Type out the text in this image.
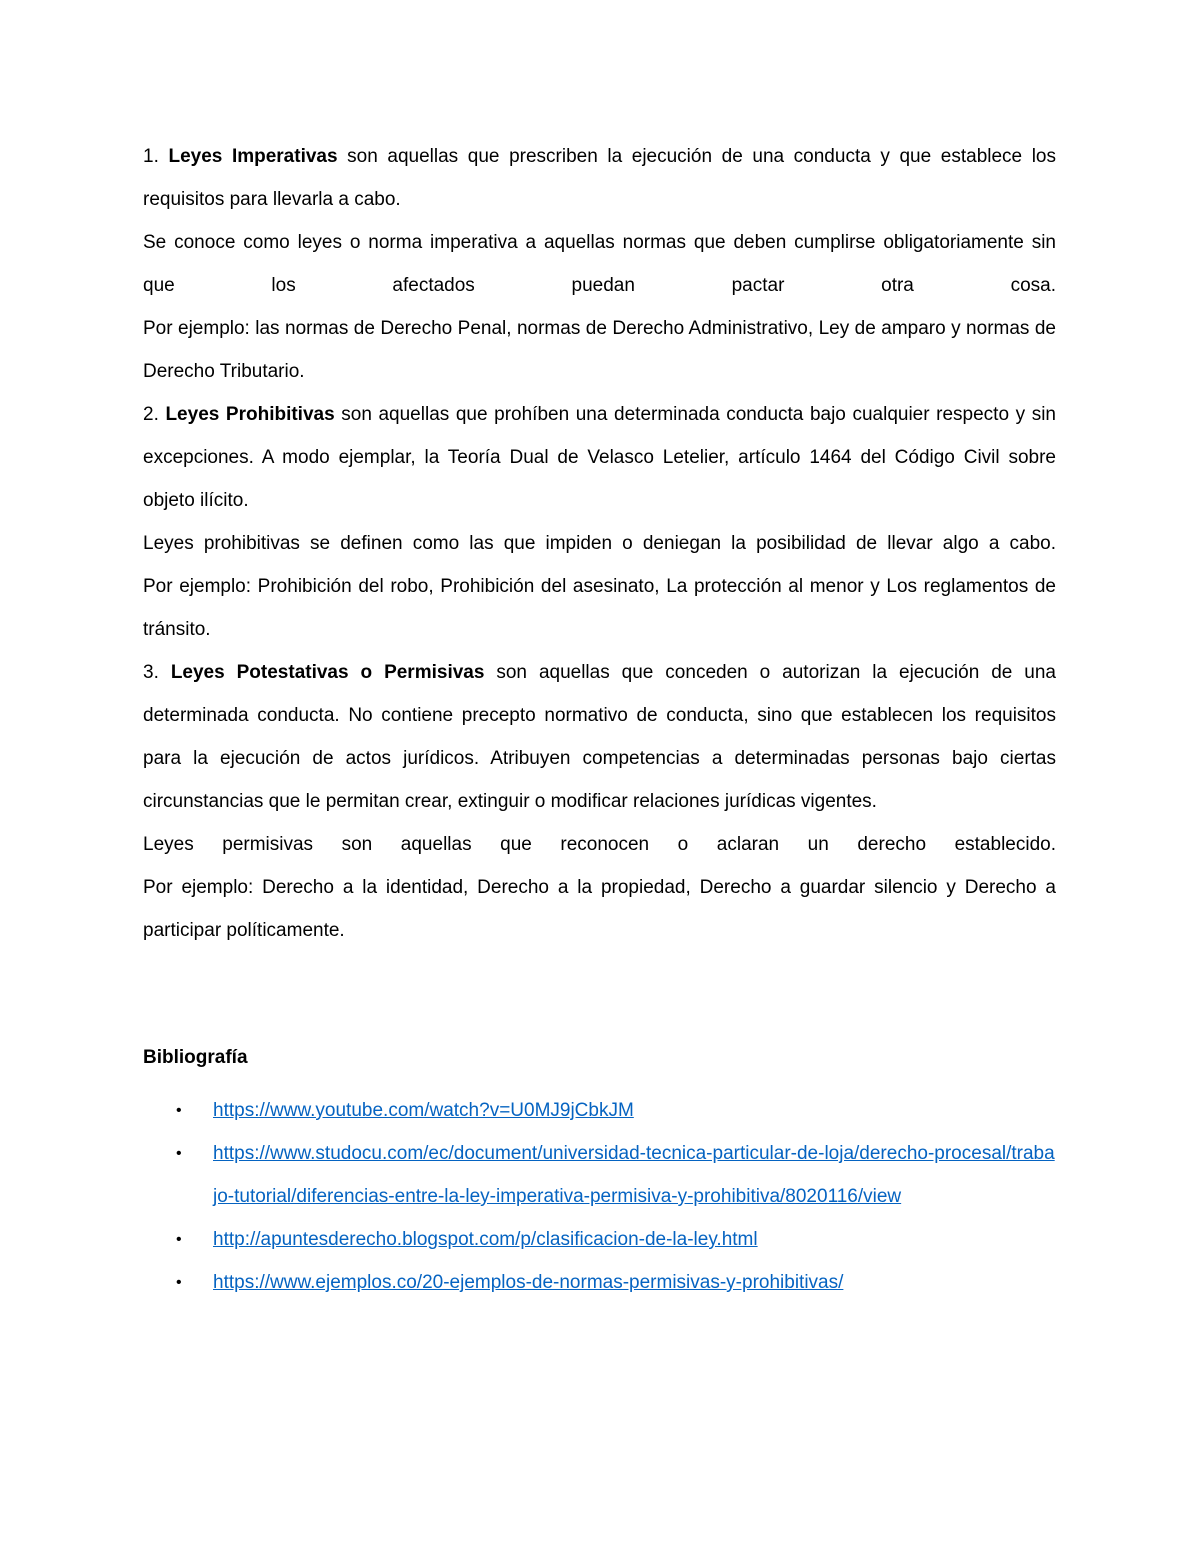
1. Leyes Imperativas son aquellas que prescriben la ejecución de una conducta y que establece los requisitos para llevarla a cabo.

Se conoce como leyes o norma imperativa a aquellas normas que deben cumplirse obligatoriamente sin que los afectados puedan pactar otra cosa.

Por ejemplo: las normas de Derecho Penal, normas de Derecho Administrativo, Ley de amparo y normas de Derecho Tributario.

2. Leyes Prohibitivas son aquellas que prohíben una determinada conducta bajo cualquier respecto y sin excepciones. A modo ejemplar, la Teoría Dual de Velasco Letelier, artículo 1464 del Código Civil sobre objeto ilícito.

Leyes prohibitivas se definen como las que impiden o deniegan la posibilidad de llevar algo a cabo.

Por ejemplo: Prohibición del robo, Prohibición del asesinato, La protección al menor y Los reglamentos de tránsito.

3. Leyes Potestativas o Permisivas son aquellas que conceden o autorizan la ejecución de una determinada conducta. No contiene precepto normativo de conducta, sino que establecen los requisitos para la ejecución de actos jurídicos. Atribuyen competencias a determinadas personas bajo ciertas circunstancias que le permitan crear, extinguir o modificar relaciones jurídicas vigentes.

Leyes permisivas son aquellas que reconocen o aclaran un derecho establecido.

Por ejemplo: Derecho a la identidad, Derecho a la propiedad, Derecho a guardar silencio y Derecho a participar políticamente.

Bibliografía

• https://www.youtube.com/watch?v=U0MJ9jCbkJM
• https://www.studocu.com/ec/document/universidad-tecnica-particular-de-loja/derecho-procesal/trabajo-tutorial/diferencias-entre-la-ley-imperativa-permisiva-y-prohibitiva/8020116/view
• http://apuntesderecho.blogspot.com/p/clasificacion-de-la-ley.html
• https://www.ejemplos.co/20-ejemplos-de-normas-permisivas-y-prohibitivas/
